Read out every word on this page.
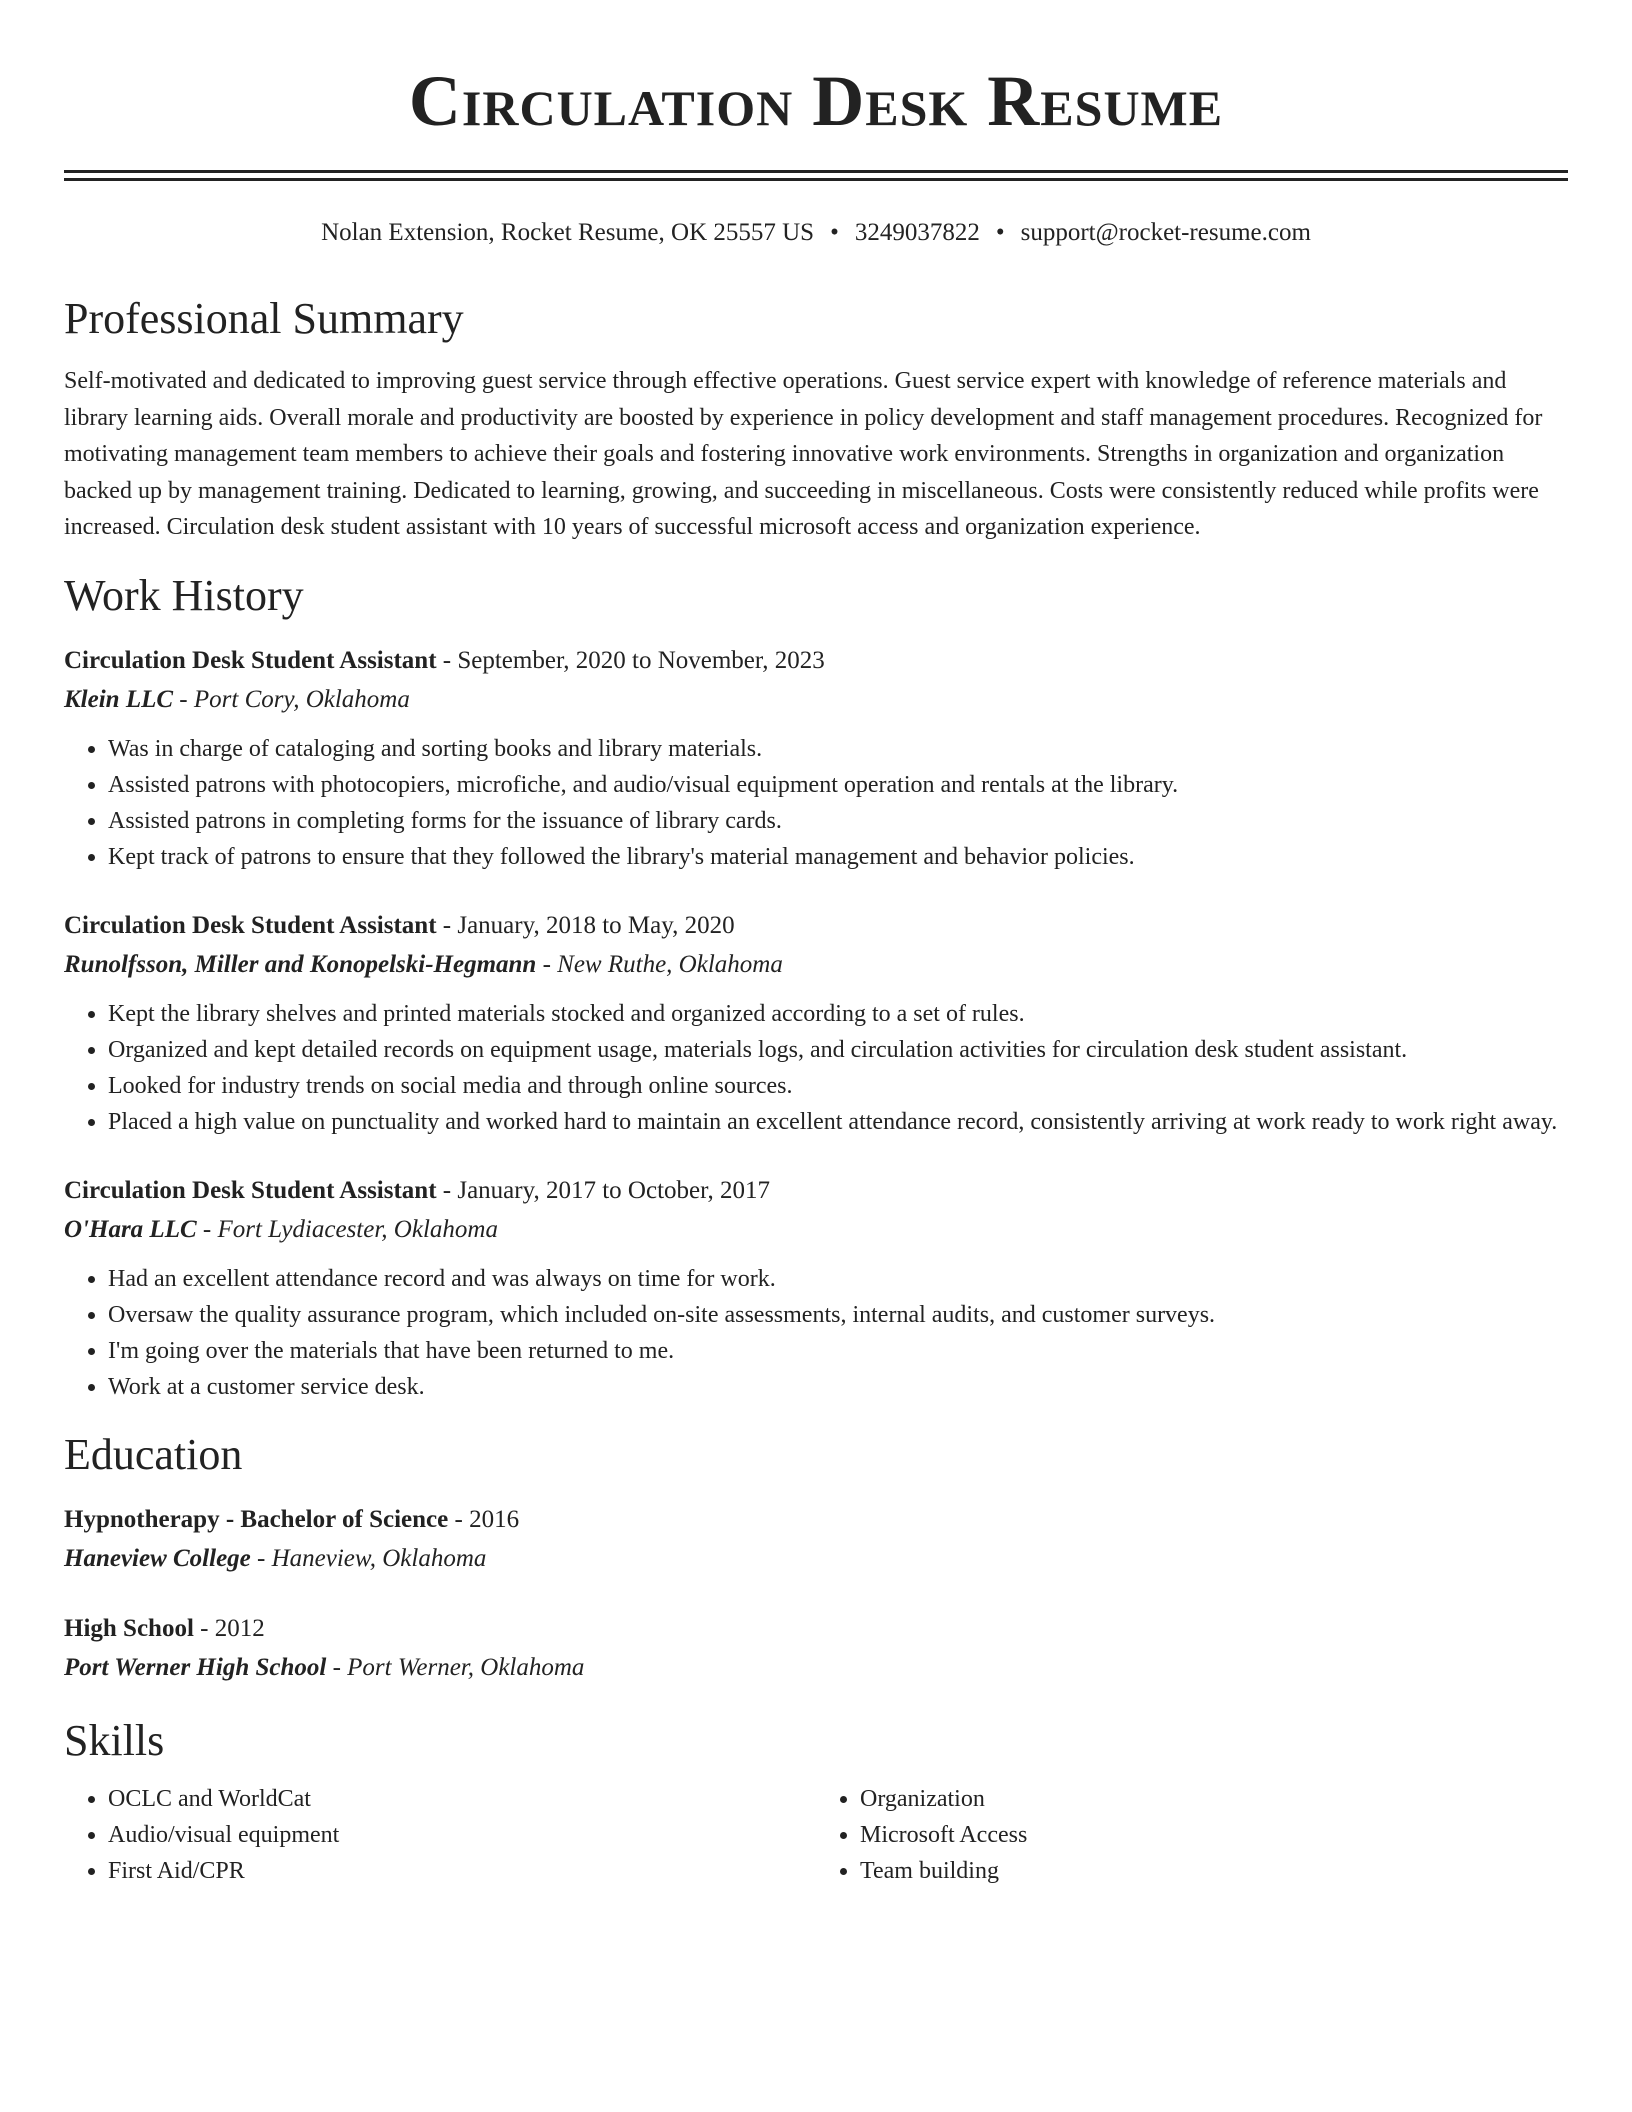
Circulation Desk Resume
Nolan Extension, Rocket Resume, OK 25557 US • 3249037822 • support@rocket-resume.com
Professional Summary
Self-motivated and dedicated to improving guest service through effective operations. Guest service expert with knowledge of reference materials and library learning aids. Overall morale and productivity are boosted by experience in policy development and staff management procedures. Recognized for motivating management team members to achieve their goals and fostering innovative work environments. Strengths in organization and organization backed up by management training. Dedicated to learning, growing, and succeeding in miscellaneous. Costs were consistently reduced while profits were increased. Circulation desk student assistant with 10 years of successful microsoft access and organization experience.
Work History
Circulation Desk Student Assistant - September, 2020 to November, 2023
Klein LLC - Port Cory, Oklahoma
• Was in charge of cataloging and sorting books and library materials.
• Assisted patrons with photocopiers, microfiche, and audio/visual equipment operation and rentals at the library.
• Assisted patrons in completing forms for the issuance of library cards.
• Kept track of patrons to ensure that they followed the library's material management and behavior policies.
Circulation Desk Student Assistant - January, 2018 to May, 2020
Runolfsson, Miller and Konopelski-Hegmann - New Ruthe, Oklahoma
• Kept the library shelves and printed materials stocked and organized according to a set of rules.
• Organized and kept detailed records on equipment usage, materials logs, and circulation activities for circulation desk student assistant.
• Looked for industry trends on social media and through online sources.
• Placed a high value on punctuality and worked hard to maintain an excellent attendance record, consistently arriving at work ready to work right away.
Circulation Desk Student Assistant - January, 2017 to October, 2017
O'Hara LLC - Fort Lydiacester, Oklahoma
• Had an excellent attendance record and was always on time for work.
• Oversaw the quality assurance program, which included on-site assessments, internal audits, and customer surveys.
• I'm going over the materials that have been returned to me.
• Work at a customer service desk.
Education
Hypnotherapy - Bachelor of Science - 2016
Haneview College - Haneview, Oklahoma
High School - 2012
Port Werner High School - Port Werner, Oklahoma
Skills
• OCLC and WorldCat
• Audio/visual equipment
• First Aid/CPR
• Organization
• Microsoft Access
• Team building
